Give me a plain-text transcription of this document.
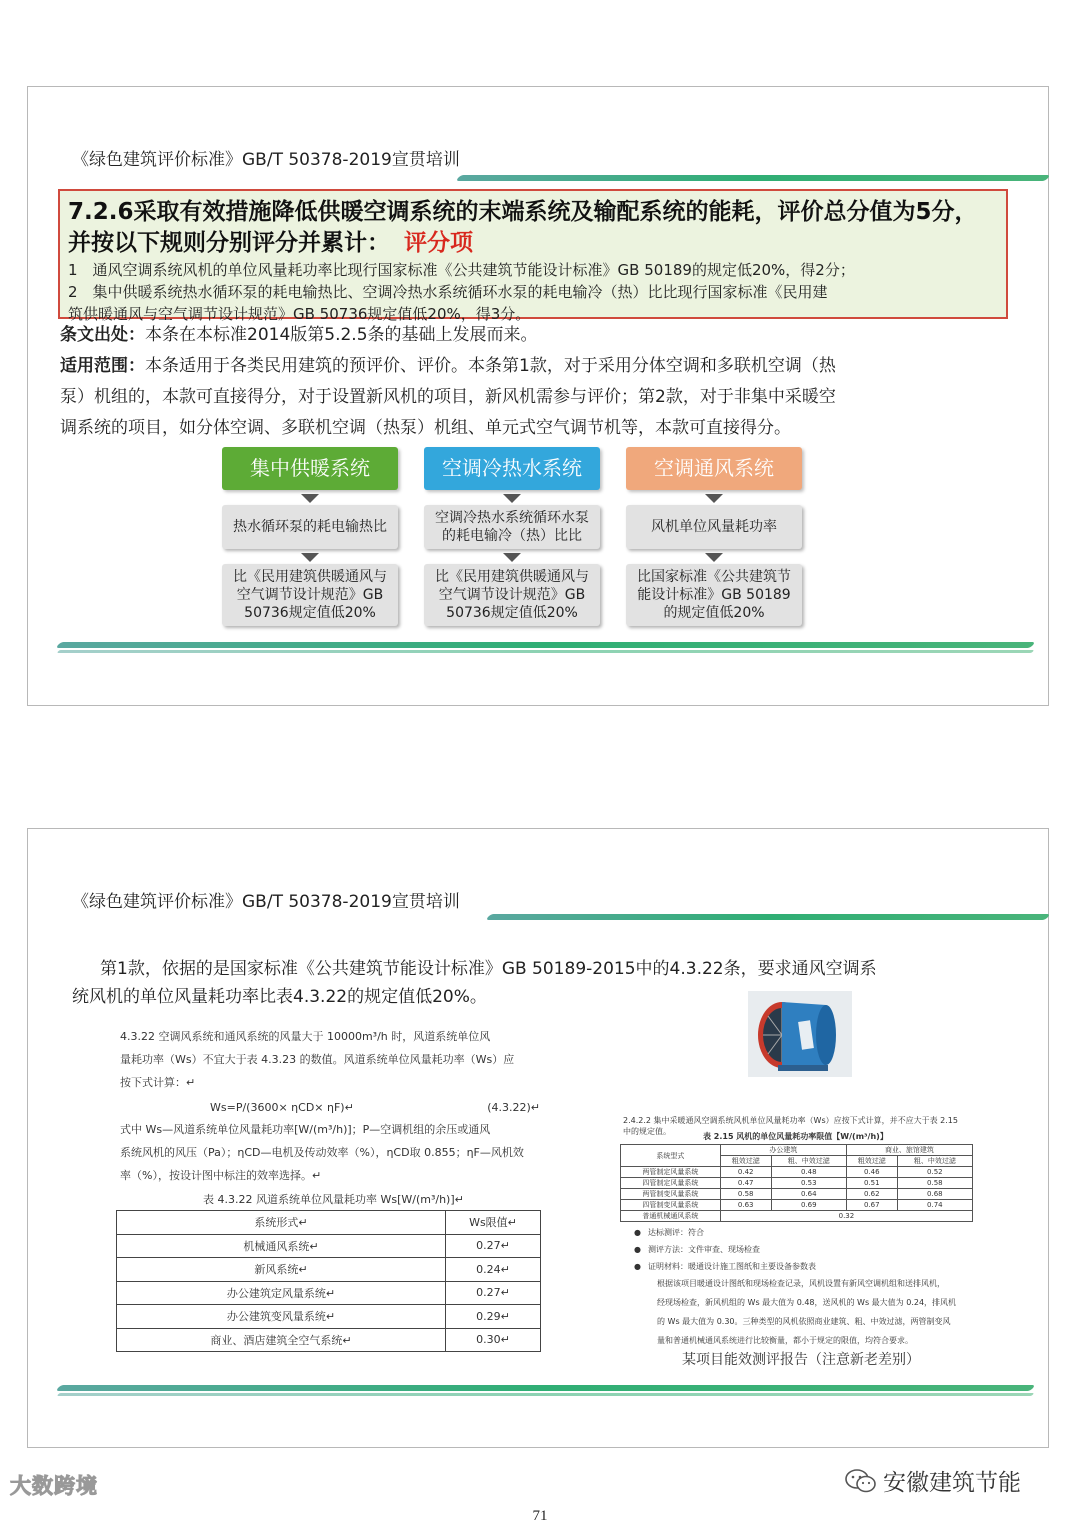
《绿色建筑评价标准》GB/T 50378-2019宣贯培训
7.2.6采取有效措施降低供暖空调系统的末端系统及输配系统的能耗，评价总分值为5分，
并按以下规则分别评分并累计： 评分项
1　通风空调系统风机的单位风量耗功率比现行国家标准《公共建筑节能设计标准》GB 50189的规定低20%，得2分；
2　集中供暖系统热水循环泵的耗电输热比、空调冷热水系统循环水泵的耗电输冷（热）比比现行国家标准《民用建
筑供暖通风与空气调节设计规范》GB 50736规定值低20%，得3分。
条文出处：本条在本标准2014版第5.2.5条的基础上发展而来。
适用范围：本条适用于各类民用建筑的预评价、评价。本条第1款，对于采用分体空调和多联机空调（热
泵）机组的，本款可直接得分，对于设置新风机的项目，新风机需参与评价；第2款，对于非集中采暖空
调系统的项目，如分体空调、多联机空调（热泵）机组、单元式空气调节机等，本款可直接得分。
集中供暖系统
热水循环泵的耗电输热比
比《民用建筑供暖通风与空气调节设计规范》GB 50736规定值低20%
空调冷热水系统
空调冷热水系统循环水泵的耗电输冷（热）比比
比《民用建筑供暖通风与空气调节设计规范》GB 50736规定值低20%
空调通风系统
风机单位风量耗功率
比国家标准《公共建筑节能设计标准》GB 50189的规定值低20%
《绿色建筑评价标准》GB/T 50378-2019宣贯培训
第1款，依据的是国家标准《公共建筑节能设计标准》GB 50189-2015中的4.3.22条，要求通风空调系
统风机的单位风量耗功率比表4.3.22的规定值低20%。
4.3.22 空调风系统和通风系统的风量大于 10000m³/h 时，风道系统单位风
量耗功率（Ws）不宜大于表 4.3.23 的数值。风道系统单位风量耗功率（Ws）应
按下式计算：↵
Ws=P/(3600× ηCD× ηF)↵	(4.3.22)↵
式中 Ws—风道系统单位风量耗功率[W/(m³/h)]；P—空调机组的余压或通风
系统风机的风压（Pa）；ηCD—电机及传动效率（%），ηCD取 0.855；ηF—风机效
率（%），按设计图中标注的效率选择。↵
表 4.3.22 风道系统单位风量耗功率 Ws[W/(m³/h)]↵
系统形式↵	Ws限值↵
机械通风系统↵	0.27↵
新风系统↵	0.24↵
办公建筑定风量系统↵	0.27↵
办公建筑变风量系统↵	0.29↵
商业、酒店建筑全空气系统↵	0.30↵
2.4.2.2 集中采暖通风空调系统风机单位风量耗功率（Ws）应按下式计算，并不应大于表 2.15
中的规定值。
表 2.15 风机的单位风量耗功率限值【W/(m³/h)】
系统型式	办公建筑		商业、旅馆建筑	
	粗效过滤	粗、中效过滤	粗效过滤	粗、中效过滤
两管制定风量系统	0.42	0.48	0.46	0.52
四管制定风量系统	0.47	0.53	0.51	0.58
两管制变风量系统	0.58	0.64	0.62	0.68
四管制变风量系统	0.63	0.69	0.67	0.74
普通机械通风系统	0.32			
● 达标测评：符合
● 测评方法：文件审查、现场检查
● 证明材料：暖通设计施工图纸和主要设备参数表
根据该项目暖通设计图纸和现场检查记录，风机设置有新风空调机组和送排风机，
经现场检查，新风机组的 Ws 最大值为 0.48，送风机的 Ws 最大值为 0.24，排风机
的 Ws 最大值为 0.30。三种类型的风机依照商业建筑、粗、中效过滤，两管制变风
量和普通机械通风系统进行比较衡量，都小于规定的限值，均符合要求。
某项目能效测评报告（注意新老差别）
大数跨境	安徽建筑节能
71
